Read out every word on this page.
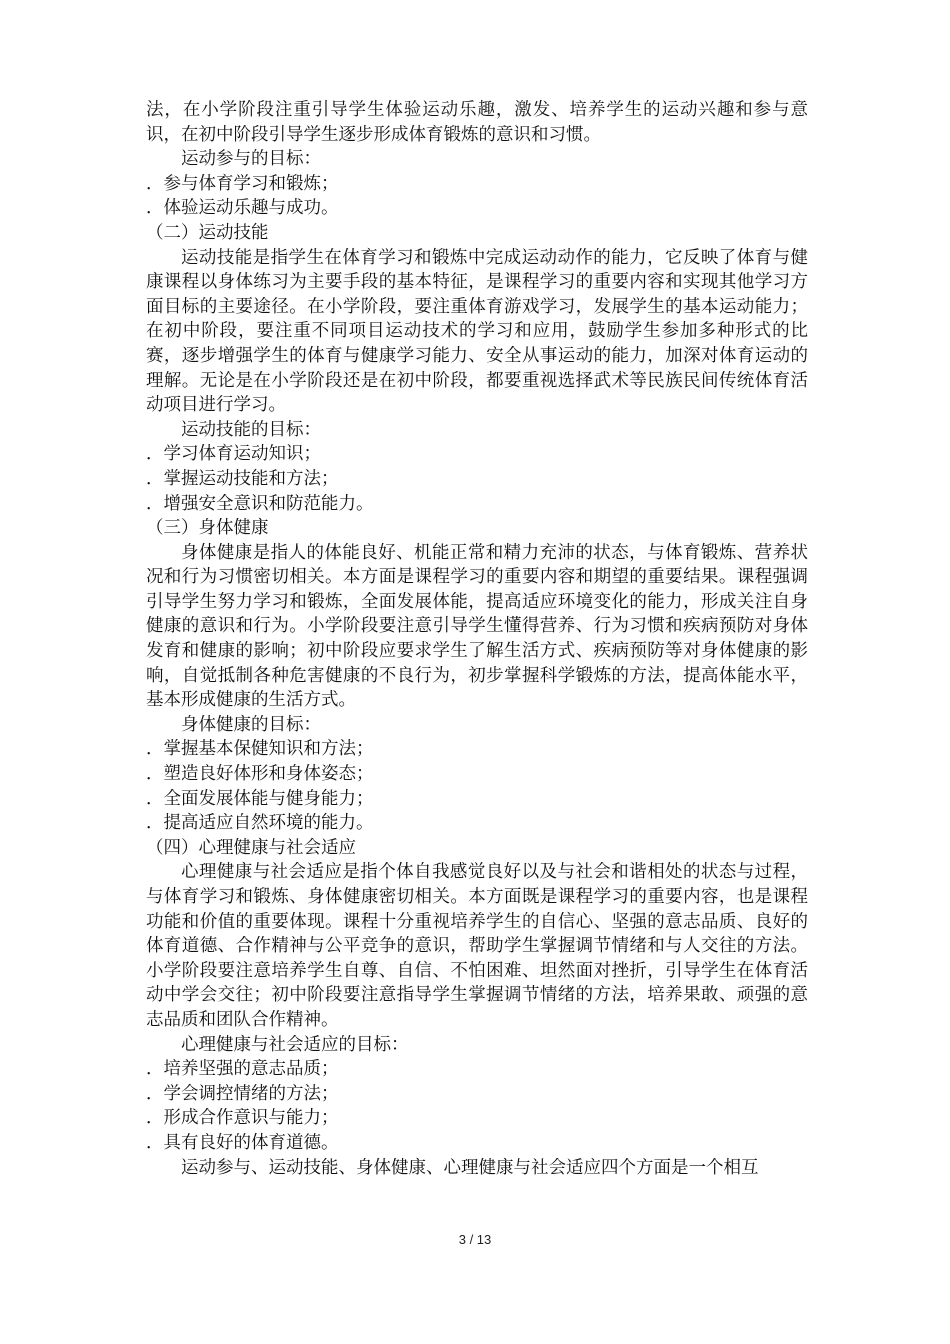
法，在小学阶段注重引导学生体验运动乐趣，激发、培养学生的运动兴趣和参与意识，在初中阶段引导学生逐步形成体育锻炼的意识和习惯。

运动参与的目标：

．参与体育学习和锻炼；

．体验运动乐趣与成功。

（二）运动技能

运动技能是指学生在体育学习和锻炼中完成运动动作的能力，它反映了体育与健康课程以身体练习为主要手段的基本特征，是课程学习的重要内容和实现其他学习方面目标的主要途径。在小学阶段，要注重体育游戏学习，发展学生的基本运动能力；在初中阶段，要注重不同项目运动技术的学习和应用，鼓励学生参加多种形式的比赛，逐步增强学生的体育与健康学习能力、安全从事运动的能力，加深对体育运动的理解。无论是在小学阶段还是在初中阶段，都要重视选择武术等民族民间传统体育活动项目进行学习。

运动技能的目标：

．学习体育运动知识；

．掌握运动技能和方法；

．增强安全意识和防范能力。

（三）身体健康

身体健康是指人的体能良好、机能正常和精力充沛的状态，与体育锻炼、营养状况和行为习惯密切相关。本方面是课程学习的重要内容和期望的重要结果。课程强调引导学生努力学习和锻炼，全面发展体能，提高适应环境变化的能力，形成关注自身健康的意识和行为。小学阶段要注意引导学生懂得营养、行为习惯和疾病预防对身体发育和健康的影响；初中阶段应要求学生了解生活方式、疾病预防等对身体健康的影响，自觉抵制各种危害健康的不良行为，初步掌握科学锻炼的方法，提高体能水平，基本形成健康的生活方式。

身体健康的目标：

．掌握基本保健知识和方法；

．塑造良好体形和身体姿态；

．全面发展体能与健身能力；

．提高适应自然环境的能力。

（四）心理健康与社会适应

心理健康与社会适应是指个体自我感觉良好以及与社会和谐相处的状态与过程，与体育学习和锻炼、身体健康密切相关。本方面既是课程学习的重要内容，也是课程功能和价值的重要体现。课程十分重视培养学生的自信心、坚强的意志品质、良好的体育道德、合作精神与公平竞争的意识，帮助学生掌握调节情绪和与人交往的方法。小学阶段要注意培养学生自尊、自信、不怕困难、坦然面对挫折，引导学生在体育活动中学会交往；初中阶段要注意指导学生掌握调节情绪的方法，培养果敢、顽强的意志品质和团队合作精神。

心理健康与社会适应的目标：

．培养坚强的意志品质；

．学会调控情绪的方法；

．形成合作意识与能力；

．具有良好的体育道德。

运动参与、运动技能、身体健康、心理健康与社会适应四个方面是一个相互

3 / 13
